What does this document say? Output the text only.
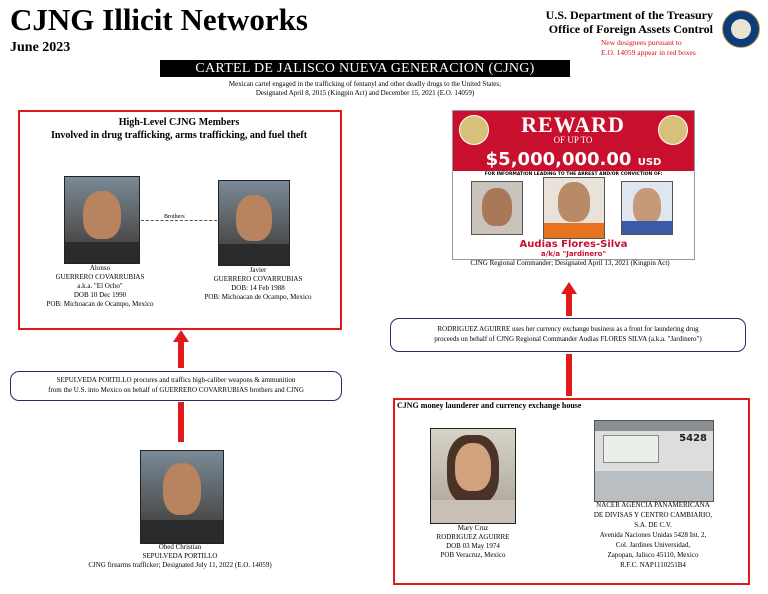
CJNG Illicit Networks
June 2023
U.S. Department of the Treasury
Office of Foreign Assets Control
New designees pursuant to
E.O. 14059 appear in red boxes
CARTEL DE JALISCO NUEVA GENERACION (CJNG)
Mexican cartel engaged in the trafficking of fentanyl and other deadly drugs to the United States;
Designated April 8, 2015 (Kingpin Act) and December 15, 2021 (E.O. 14059)
High-Level CJNG Members
Involved in drug trafficking, arms trafficking, and fuel theft
Brothers
Alonso
GUERRERO COVARRUBIAS
a.k.a. "El Ocho"
DOB 10 Dec 1990
POB: Michoacan de Ocampo, Mexico
Javier
GUERRERO COVARRUBIAS
DOB: 14 Feb 1988
POB: Michoacan de Ocampo, Mexico
SEPULVEDA PORTILLO procures and traffics high-caliber weapons & ammunition
from the U.S. into Mexico on behalf of GUERRERO COVARRUBIAS brothers and CJNG
Obed Christian
SEPULVEDA PORTILLO
CJNG firearms trafficker; Designated July 11, 2022 (E.O. 14059)
REWARD
OF UP TO
$5,000,000.00 USD
FOR INFORMATION LEADING TO THE ARREST AND/OR CONVICTION OF:
Audias Flores-Silva
a/k/a "Jardinero"
CJNG Regional Commander; Designated April 13, 2021 (Kingpin Act)
RODRIGUEZ AGUIRRE uses her currency exchange business as a front for laundering drug
proceeds on behalf of CJNG Regional Commander Audias FLORES SILVA (a.k.a. "Jardinero")
CJNG money launderer and currency exchange house
Mary Cruz
RODRIGUEZ AGUIRRE
DOB 03 May 1974
POB Veracruz, Mexico
5428
NACER AGENCIA PANAMERICANA
DE DIVISAS Y CENTRO CAMBIARIO,
S.A. DE C.V.
Avenida Naciones Unidas 5428 Int. 2,
Col. Jardines Universidad,
Zapopan, Jalisco 45110, Mexico
R.F.C. NAP1110251B4
